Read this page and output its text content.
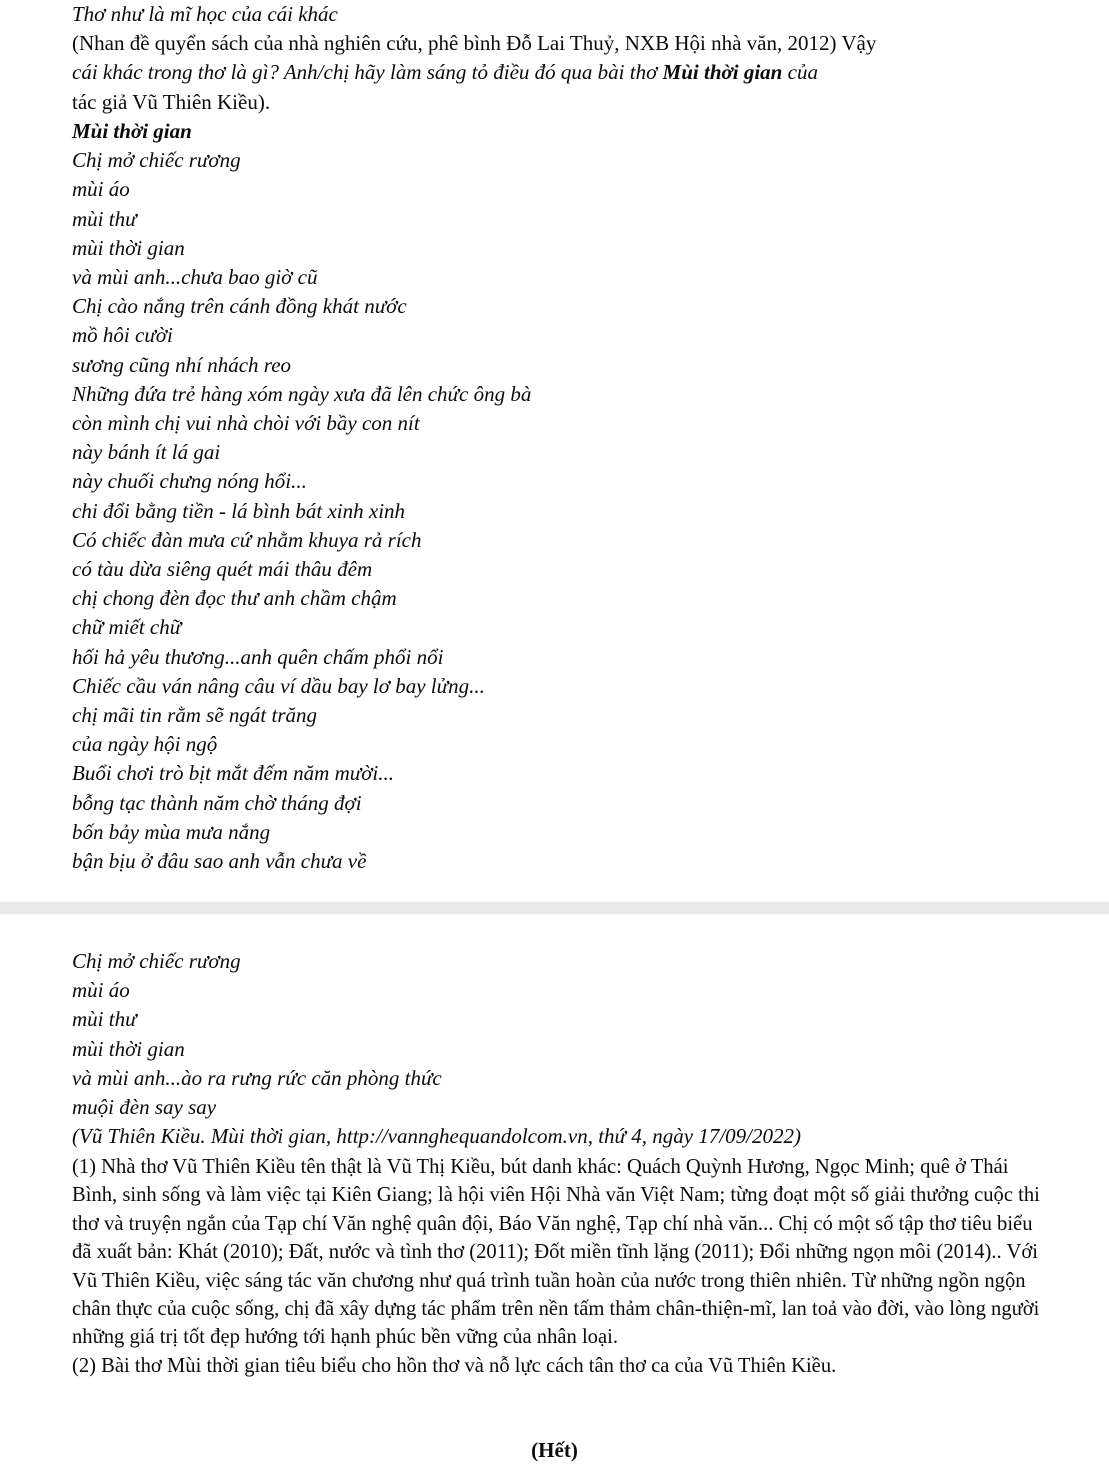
Thơ như là mĩ học của cái khác
(Nhan đề quyển sách của nhà nghiên cứu, phê bình Đỗ Lai Thuỷ, NXB Hội nhà văn, 2012) Vậy
cái khác trong thơ là gì? Anh/chị hãy làm sáng tỏ điều đó qua bài thơ Mùi thời gian của
tác giả Vũ Thiên Kiều).
Mùi thời gian
Chị mở chiếc rương
mùi áo
mùi thư
mùi thời gian
và mùi anh...chưa bao giờ cũ
Chị cào nắng trên cánh đồng khát nước
mồ hôi cười
sương cũng nhí nhách reo
Những đứa trẻ hàng xóm ngày xưa đã lên chức ông bà
còn mình chị vui nhà chòi với bầy con nít
này bánh ít lá gai
này chuối chưng nóng hổi...
chi đổi bằng tiền - lá bình bát xinh xinh
Có chiếc đàn mưa cứ nhằm khuya rả rích
có tàu dừa siêng quét mái thâu đêm
chị chong đèn đọc thư anh chầm chậm
chữ miết chữ
hối hả yêu thương...anh quên chấm phổi nổi
Chiếc cầu ván nâng câu ví dầu bay lơ bay lửng...
chị mãi tin rằm sẽ ngát trăng
của ngày hội ngộ
Buổi chơi trò bịt mắt đếm năm mười...
bỗng tạc thành năm chờ tháng đợi
bốn bảy mùa mưa nắng
bận bịu ở đâu sao anh vẫn chưa về
Chị mở chiếc rương
mùi áo
mùi thư
mùi thời gian
và mùi anh...ào ra rưng rức căn phòng thức
muội đèn say say
(Vũ Thiên Kiều. Mùi thời gian, http://vannghequandolcom.vn, thứ 4, ngày 17/09/2022)
(1) Nhà thơ Vũ Thiên Kiều tên thật là Vũ Thị Kiều, bút danh khác: Quách Quỳnh Hương, Ngọc Minh; quê ở Thái Bình, sinh sống và làm việc tại Kiên Giang; là hội viên Hội Nhà văn Việt Nam; từng đoạt một số giải thưởng cuộc thi thơ và truyện ngắn của Tạp chí Văn nghệ quân đội, Báo Văn nghệ, Tạp chí nhà văn... Chị có một số tập thơ tiêu biểu đã xuất bản: Khát (2010); Đất, nước và tình thơ (2011); Đốt miền tĩnh lặng (2011); Đổi những ngọn môi (2014).. Với Vũ Thiên Kiều, việc sáng tác văn chương như quá trình tuần hoàn của nước trong thiên nhiên. Từ những ngồn ngộn chân thực của cuộc sống, chị đã xây dựng tác phẩm trên nền tấm thảm chân-thiện-mĩ, lan toả vào đời, vào lòng người những giá trị tốt đẹp hướng tới hạnh phúc bền vững của nhân loại.
(2) Bài thơ Mùi thời gian tiêu biểu cho hồn thơ và nỗ lực cách tân thơ ca của Vũ Thiên Kiều.
(Hết)
